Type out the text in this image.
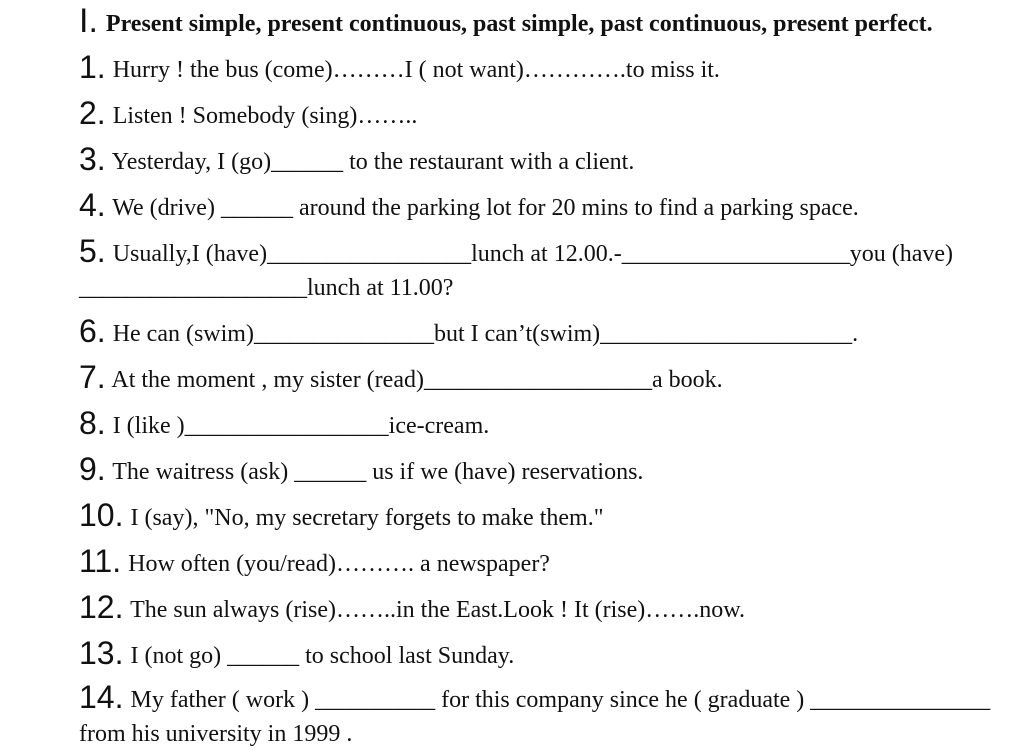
I. Present simple, present continuous, past simple, past continuous, present perfect.
1. Hurry ! the bus (come)………I ( not want)………….to miss it.
2. Listen ! Somebody (sing)……..
3. Yesterday, I (go)______ to the restaurant with a client.
4. We (drive) ______ around the parking lot for 20 mins to find a parking space.
5. Usually,I (have)_________________lunch at 12.00.-___________________you (have) ___________________lunch at 11.00?
6. He can (swim)_______________but I can’t(swim)_____________________.
7. At the moment , my sister (read)___________________a book.
8. I (like )_________________ice-cream.
9. The waitress (ask) ______ us if we (have) reservations.
10. I (say), "No, my secretary forgets to make them."
11. How often (you/read)………. a newspaper?
12. The sun always (rise)……..in the East.Look ! It (rise)…….now.
13. I (not go) ______ to school last Sunday.
14. My father ( work ) __________ for this company since he ( graduate ) _______________ from his university in 1999 .
